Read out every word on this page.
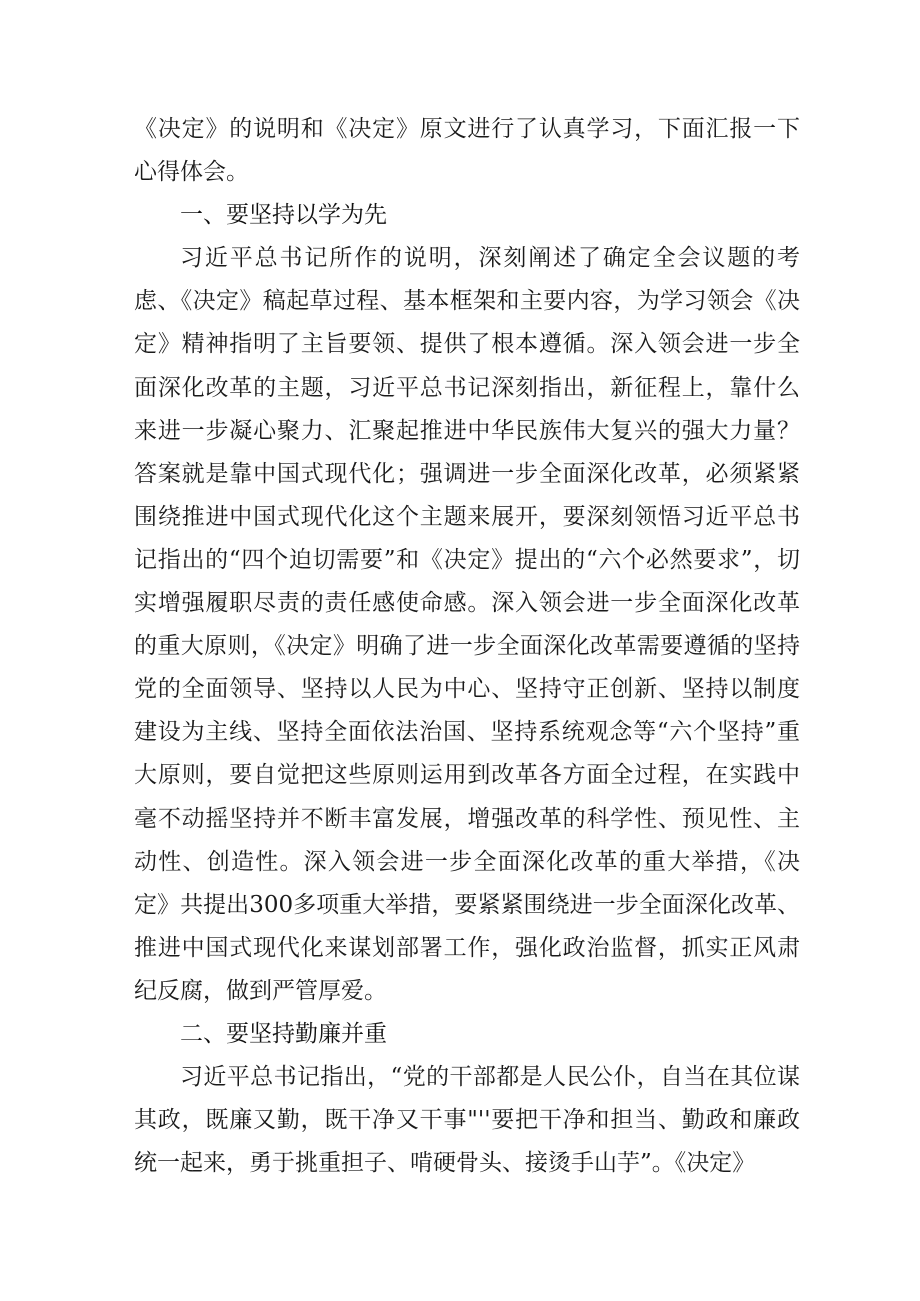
《决定》的说明和《决定》原文进行了认真学习，下面汇报一下心得体会。

一、要坚持以学为先

习近平总书记所作的说明，深刻阐述了确定全会议题的考虑、《决定》稿起草过程、基本框架和主要内容，为学习领会《决定》精神指明了主旨要领、提供了根本遵循。深入领会进一步全面深化改革的主题，习近平总书记深刻指出，新征程上，靠什么来进一步凝心聚力、汇聚起推进中华民族伟大复兴的强大力量？答案就是靠中国式现代化；强调进一步全面深化改革，必须紧紧围绕推进中国式现代化这个主题来展开，要深刻领悟习近平总书记指出的“四个迫切需要”和《决定》提出的“六个必然要求”，切实增强履职尽责的责任感使命感。深入领会进一步全面深化改革的重大原则，《决定》明确了进一步全面深化改革需要遵循的坚持党的全面领导、坚持以人民为中心、坚持守正创新、坚持以制度建设为主线、坚持全面依法治国、坚持系统观念等“六个坚持”重大原则，要自觉把这些原则运用到改革各方面全过程，在实践中毫不动摇坚持并不断丰富发展，增强改革的科学性、预见性、主动性、创造性。深入领会进一步全面深化改革的重大举措，《决定》共提出300多项重大举措，要紧紧围绕进一步全面深化改革、推进中国式现代化来谋划部署工作，强化政治监督，抓实正风肃纪反腐，做到严管厚爱。

二、要坚持勤廉并重

习近平总书记指出，“党的干部都是人民公仆，自当在其位谋其政，既廉又勤，既干净又干事"''要把干净和担当、勤政和廉政统一起来，勇于挑重担子、啃硬骨头、接烫手山芋”。《决定》
